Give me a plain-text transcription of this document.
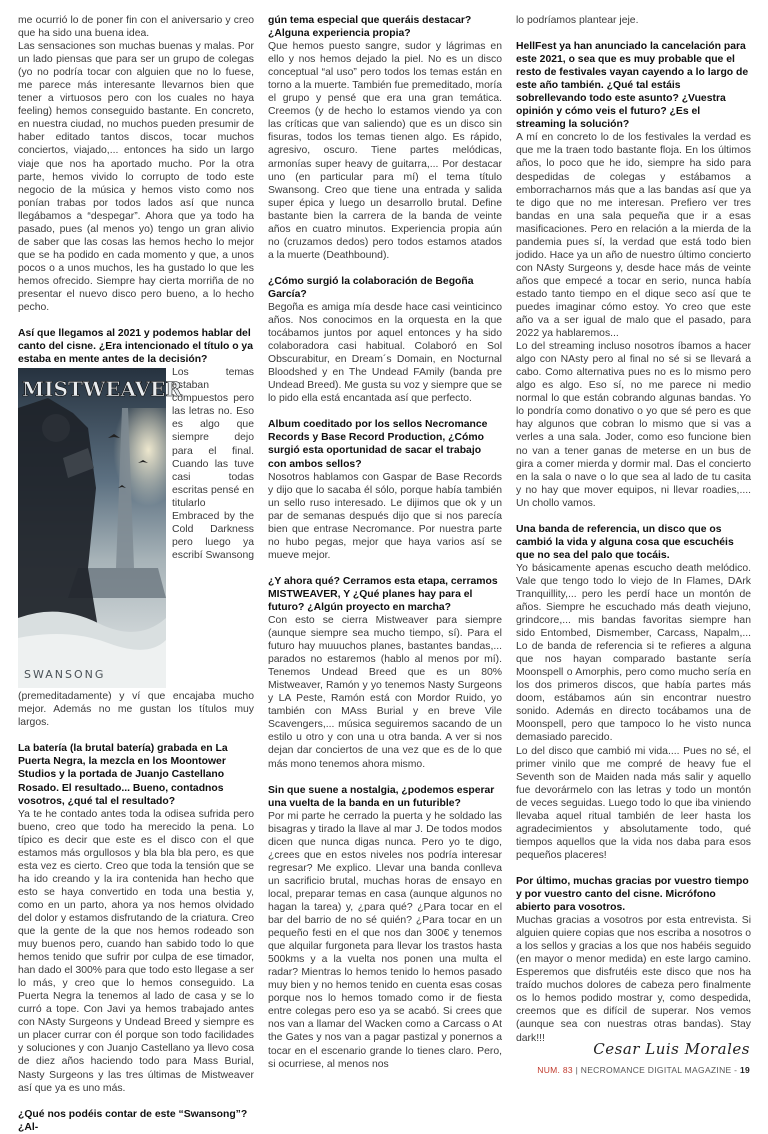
me ocurrió lo de poner fin con el aniversario y creo que ha sido una buena idea.

Las sensaciones son muchas buenas y malas. Por un lado piensas que para ser un grupo de colegas (yo no podría tocar con alguien que no lo fuese, me parece más interesante llevarnos bien que tener a virtuosos pero con los cuales no haya feeling) hemos conseguido bastante. En concreto, en nuestra ciudad, no muchos pueden presumir de haber editado tantos discos, tocar muchos conciertos, viajado,... entonces ha sido un largo viaje que nos ha aportado mucho. Por la otra parte, hemos vivido lo corrupto de todo este negocio de la música y hemos visto como nos ponían trabas por todos lados así que nunca llegábamos a “despegar”. Ahora que ya todo ha pasado, pues (al menos yo) tengo un gran alivio de saber que las cosas las hemos hecho lo mejor que se ha podido en cada momento y que, a unos pocos o a unos muchos, les ha gustado lo que les hemos ofrecido. Siempre hay cierta morriña de no presentar el nuevo disco pero bueno, a lo hecho pecho.

Así que llegamos al 2021 y podemos hablar del canto del cisne. ¿Era intencionado el título o ya estaba en mente antes de la decisión?

MISTWEAVER
SWANSONG

Los temas estaban compuestos pero las letras no. Eso es algo que siempre dejo para el final. Cuando las tuve casi todas escritas pensé en titularlo Embraced by the Cold Darkness pero luego ya escribí Swansong (premeditadamente) y ví que encajaba mucho mejor. Además no me gustan los títulos muy largos.

La batería (la brutal batería) grabada en La Puerta Negra, la mezcla en los Moontower Studios y la portada de Juanjo Castellano Rosado. El resultado... Bueno, contadnos vosotros, ¿qué tal el resultado?

Ya te he contado antes toda la odisea sufrida pero bueno, creo que todo ha merecido la pena. Lo típico es decir que este es el disco con el que estamos más orgullosos y bla bla bla pero, es que esta vez es cierto. Creo que toda la tensión que se ha ido creando y la ira contenida han hecho que esto se haya convertido en toda una bestia y, como en un parto, ahora ya nos hemos olvidado del dolor y estamos disfrutando de la criatura. Creo que la gente de la que nos hemos rodeado son muy buenos pero, cuando han sabido todo lo que hemos tenido que sufrir por culpa de ese timador, han dado el 300% para que todo esto llegase a ser lo más, y creo que lo hemos conseguido. La Puerta Negra la tenemos al lado de casa y se lo curró a tope. Con Javi ya hemos trabajado antes con NAsty Surgeons y Undead Breed y siempre es un placer currar con él porque son todo facilidades y soluciones y con Juanjo Castellano ya llevo cosa de diez años haciendo todo para Mass Burial, Nasty Surgeons y las tres últimas de Mistweaver así que ya es uno más.

¿Qué nos podéis contar de este “Swansong”? ¿Al-

gún tema especial que queráis destacar? ¿Alguna experiencia propia?

Que hemos puesto sangre, sudor y lágrimas en ello y nos hemos dejado la piel. No es un disco conceptual “al uso” pero todos los temas están en torno a la muerte. También fue premeditado, moría el grupo y pensé que era una gran temática. Creemos (y de hecho lo estamos viendo ya con las críticas que van saliendo) que es un disco sin fisuras, todos los temas tienen algo. Es rápido, agresivo, oscuro. Tiene partes melódicas, armonías super heavy de guitarra,... Por destacar uno (en particular para mí) el tema título Swansong. Creo que tiene una entrada y salida super épica y luego un desarrollo brutal. Define bastante bien la carrera de la banda de veinte años en cuatro minutos. Experiencia propia aún no (cruzamos dedos) pero todos estamos atados a la muerte (Deathbound).

¿Cómo surgió la colaboración de Begoña García?

Begoña es amiga mía desde hace casi veinticinco años. Nos conocimos en la orquesta en la que tocábamos juntos por aquel entonces y ha sido colaboradora casi habitual. Colaboró en Sol Obscurabitur, en Dream´s Domain, en Nocturnal Bloodshed y en The Undead FAmily (banda pre Undead Breed). Me gusta su voz y siempre que se lo pido ella está encantada así que perfecto.

Album coeditado por los sellos Necromance Records y Base Record Production, ¿Cómo surgió esta oportunidad de sacar el trabajo con ambos sellos?

Nosotros hablamos con Gaspar de Base Records y dijo que lo sacaba él sólo, porque había también un sello ruso interesado. Le dijimos que ok y un par de semanas después dijo que si nos parecía bien que entrase Necromance. Por nuestra parte no hubo pegas, mejor que haya varios así se mueve mejor.

¿Y ahora qué? Cerramos esta etapa, cerramos MISTWEAVER, Y ¿Qué planes hay para el futuro? ¿Algún proyecto en marcha?

Con esto se cierra Mistweaver para siempre (aunque siempre sea mucho tiempo, sí). Para el futuro hay muuuchos planes, bastantes bandas,... parados no estaremos (hablo al menos por mí). Tenemos Undead Breed que es un 80% Mistweaver, Ramón y yo tenemos Nasty Surgeons y LA Peste, Ramón está con Mordor Ruido, yo también con MAss Burial y en breve Vile Scavengers,... música seguiremos sacando de un estilo u otro y con una u otra banda. A ver si nos dejan dar conciertos de una vez que es de lo que más mono tenemos ahora mismo.

Sin que suene a nostalgia, ¿podemos esperar una vuelta de la banda en un futurible?

Por mi parte he cerrado la puerta y he soldado las bisagras y tirado la llave al mar J. De todos modos dicen que nunca digas nunca. Pero yo te digo, ¿crees que en estos niveles nos podría interesar regresar? Me explico. Llevar una banda conlleva un sacrificio brutal, muchas horas de ensayo en local, preparar temas en casa (aunque algunos no hagan la tarea) y, ¿para qué? ¿Para tocar en el bar del barrio de no sé quién? ¿Para tocar en un pequeño festi en el que nos dan 300€ y tenemos que alquilar furgoneta para llevar los trastos hasta 500kms y a la vuelta nos ponen una multa el radar? Mientras lo hemos tenido lo hemos pasado muy bien y no hemos tenido en cuenta esas cosas porque nos lo hemos tomado como ir de fiesta entre colegas pero eso ya se acabó. Si crees que nos van a llamar del Wacken como a Carcass o At the Gates y nos van a pagar pastizal y ponernos a tocar en el escenario grande lo tienes claro. Pero, si ocurriese, al menos nos

lo podríamos plantear jeje.

HellFest ya han anunciado la cancelación para este 2021, o sea que es muy probable que el resto de festivales vayan cayendo a lo largo de este año también. ¿Qué tal estáis sobrellevando todo este asunto? ¿Vuestra opinión y cómo veis el futuro? ¿Es el streaming la solución?

A mí en concreto lo de los festivales la verdad es que me la traen todo bastante floja. En los últimos años, lo poco que he ido, siempre ha sido para despedidas de colegas y estábamos a emborracharnos más que a las bandas así que ya te digo que no me interesan. Prefiero ver tres bandas en una sala pequeña que ir a esas masificaciones. Pero en relación a la mierda de la pandemia pues sí, la verdad que está todo bien jodido. Hace ya un año de nuestro último concierto con NAsty Surgeons y, desde hace más de veinte años que empecé a tocar en serio, nunca había estado tanto tiempo en el dique seco así que te puedes imaginar cómo estoy. Yo creo que este año va a ser igual de malo que el pasado, para 2022 ya hablaremos...

Lo del streaming incluso nosotros íbamos a hacer algo con NAsty pero al final no sé si se llevará a cabo. Como alternativa pues no es lo mismo pero algo es algo. Eso sí, no me parece ni medio normal lo que están cobrando algunas bandas. Yo lo pondría como donativo o yo que sé pero es que hay algunos que cobran lo mismo que si vas a verles a una sala. Joder, como eso funcione bien no van a tener ganas de meterse en un bus de gira a comer mierda y dormir mal. Das el concierto en la sala o nave o lo que sea al lado de tu casita y no hay que mover equipos, ni llevar roadies,.... Un chollo vamos.

Una banda de referencia, un disco que os cambió la vida y alguna cosa que escuchéis que no sea del palo que tocáis.

Yo básicamente apenas escucho death melódico. Vale que tengo todo lo viejo de In Flames, DArk Tranquillity,... pero les perdí hace un montón de años. Siempre he escuchado más death viejuno, grindcore,... mis bandas favoritas siempre han sido Entombed, Dismember, Carcass, Napalm,... Lo de banda de referencia si te refieres a alguna que nos hayan comparado bastante sería Moonspell o Amorphis, pero como mucho sería en los dos primeros discos, que había partes más doom, estábamos aún sin encontrar nuestro sonido. Además en directo tocábamos una de Moonspell, pero que tampoco lo he visto nunca demasiado parecido.

Lo del disco que cambió mi vida.... Pues no sé, el primer vinilo que me compré de heavy fue el Seventh son de Maiden nada más salir y aquello fue devorármelo con las letras y todo un montón de veces seguidas. Luego todo lo que iba viniendo llevaba aquel ritual también de leer hasta los agradecimientos y absolutamente todo, qué tiempos aquellos que la vida nos daba para esos pequeños placeres!

Por último, muchas gracias por vuestro tiempo y por vuestro canto del cisne. Micrófono abierto para vosotros.

Muchas gracias a vosotros por esta entrevista. Si alguien quiere copias que nos escriba a nosotros o a los sellos y gracias a los que nos habéis seguido (en mayor o menor medida) en este largo camino. Esperemos que disfrutéis este disco que nos ha traído muchos dolores de cabeza pero finalmente os lo hemos podido mostrar y, como despedida, creemos que es difícil de superar. Nos vemos (aunque sea con nuestras otras bandas). Stay dark!!!

Cesar Luis Morales
NUM. 83 | NECROMANCE DIGITAL MAGAZINE - 19
